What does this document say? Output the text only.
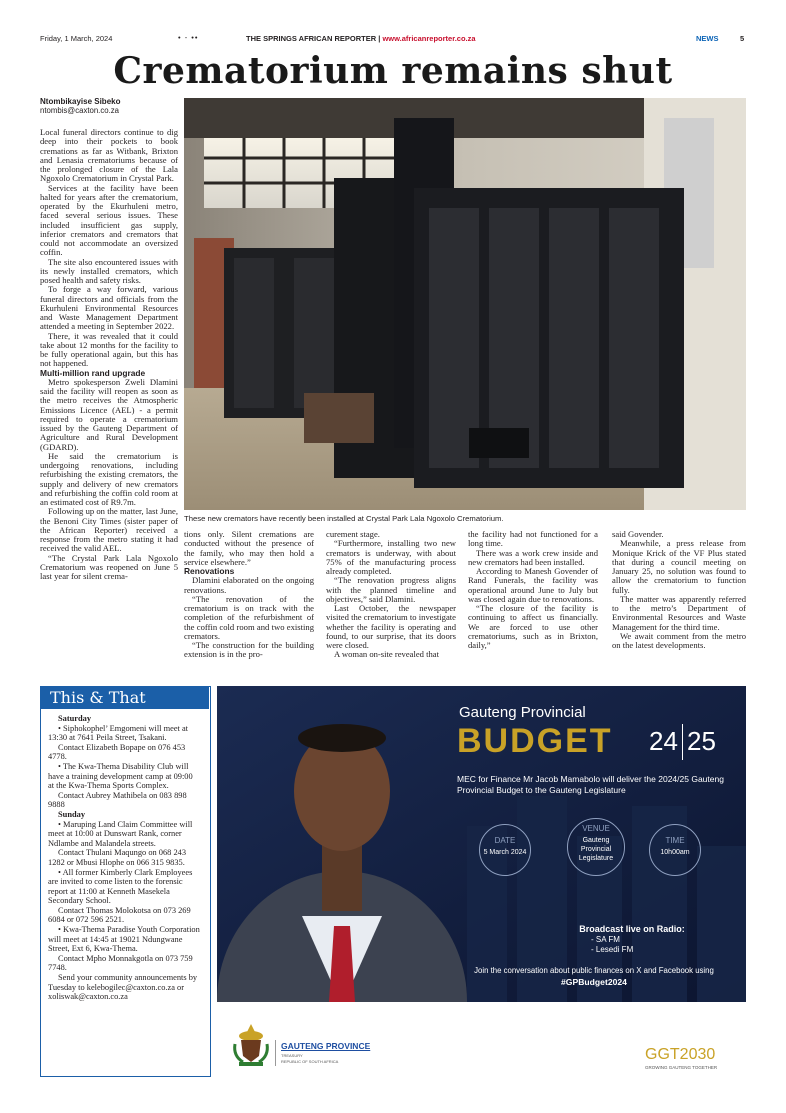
Friday, 1 March, 2024	• - ••	THE SPRINGS AFRICAN REPORTER | www.africanreporter.co.za	NEWS	5
Crematorium remains shut
Ntombikayise Sibeko
ntombis@caxton.co.za

Local funeral directors continue to dig deep into their pockets to book cremations as far as Witbank, Brixton and Lenasia crematoriums because of the prolonged closure of the Lala Ngoxolo Crematorium in Crystal Park.

Services at the facility have been halted for years after the crematorium, operated by the Ekurhuleni metro, faced several serious issues. These included insufficient gas supply, inferior cremators and cremators that could not accommodate an oversized coffin.

The site also encountered issues with its newly installed cremators, which posed health and safety risks.

To forge a way forward, various funeral directors and officials from the Ekurhuleni Environmental Resources and Waste Management Department attended a meeting in September 2022.

There, it was revealed that it could take about 12 months for the facility to be fully operational again, but this has not happened.

Multi-million rand upgrade

Metro spokesperson Zweli Dlamini said the facility will reopen as soon as the metro receives the Atmospheric Emissions Licence (AEL) - a permit required to operate a crematorium issued by the Gauteng Department of Agriculture and Rural Development (GDARD).

He said the crematorium is undergoing renovations, including refurbishing the existing cremators, the supply and delivery of new cremators and refurbishing the coffin cold room at an estimated cost of R9.7m.

Following up on the matter, last June, the Benoni City Times (sister paper of the African Reporter) received a response from the metro stating it had received the valid AEL.

“The Crystal Park Lala Ngoxolo Crematorium was reopened on June 5 last year for silent crema-

These new cremators have recently been installed at Crystal Park Lala Ngoxolo Crematorium.

tions only. Silent cremations are conducted without the presence of the family, who may then hold a service elsewhere.”

Renovations

Dlamini elaborated on the ongoing renovations.

“The renovation of the crematorium is on track with the completion of the refurbishment of the coffin cold room and two existing cremators.

“The construction for the building extension is in the pro-

curement stage.

“Furthermore, installing two new cremators is underway, with about 75% of the manufacturing process already completed.

“The renovation progress aligns with the planned timeline and objectives,” said Dlamini.

Last October, the newspaper visited the crematorium to investigate whether the facility is operating and found, to our surprise, that its doors were closed.

A woman on-site revealed that

the facility had not functioned for a long time.

There was a work crew inside and new cremators had been installed.

According to Manesh Govender of Rand Funerals, the facility was operational around June to July but was closed again due to renovations.

“The closure of the facility is continuing to affect us financially. We are forced to use other crematoriums, such as in Brixton, daily,”

said Govender.

Meanwhile, a press release from Monique Krick of the VF Plus stated that during a council meeting on January 25, no solution was found to allow the crematorium to function fully.

The matter was apparently referred to the metro’s Department of Environmental Resources and Waste Management for the third time.

We await comment from the metro on the latest developments.

This & That

Saturday

• Siphokophel’ Emgomeni will meet at 13:30 at 7641 Peila Street, Tsakani.

Contact Elizabeth Bopape on 076 453 4778.

• The Kwa-Thema Disability Club will have a training development camp at 09:00 at the Kwa-Thema Sports Complex.

Contact Aubrey Mathibela on 083 898 9888

Sunday

• Maruping Land Claim Committee will meet at 10:00 at Dunswart Rank, corner Ndlambe and Malandela streets.

Contact Thulani Maqungo on 068 243 1282 or Mbusi Hlophe on 066 315 9835.

• All former Kimberly Clark Employees are invited to come listen to the forensic report at 11:00 at Kenneth Masekela Secondary School.

Contact Thomas Molokotsa on 073 269 6084 or 072 596 2521.

• Kwa-Thema Paradise Youth Corporation will meet at 14:45 at 19021 Ndungwane Street, Ext 6, Kwa-Thema.

Contact Mpho Monnakgotla on 073 759 7748.

Send your community announcements by Tuesday to kelebogilec@caxton.co.za or xoliswak@caxton.co.za

Gauteng Provincial
BUDGET 24 25
MEC for Finance Mr Jacob Mamabolo will deliver the 2024/25 Gauteng Provincial Budget to the Gauteng Legislature
DATE
5 March 2024
VENUE
Gauteng Provincial Legislature
TIME
10h00am
Broadcast live on Radio:
- SA FM
- Lesedi FM
Join the conversation about public finances on X and Facebook using
#GPBudget2024
GAUTENG PROVINCE
TREASURY
REPUBLIC OF SOUTH AFRICA	GGT2030
GROWING GAUTENG TOGETHER
